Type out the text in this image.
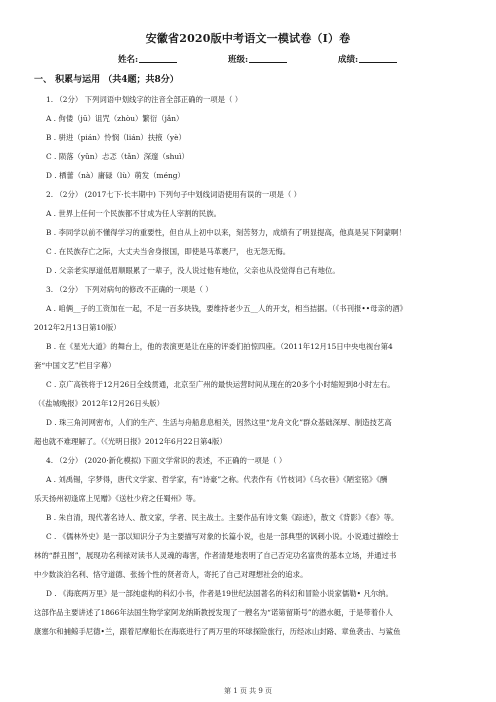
安徽省2020版中考语文一模试卷（I）卷
姓名:	班级:	成绩:
一、 积累与运用 （共4题；共8分）
1. （2分） 下列词语中划线字的注音全部正确的一项是（ ）
A . 佝偻（jū）诅咒（zhòu）繁衍（jǎn）
B . 骈进（pián）怜悯（lián）扶掖（yè）
C . 陨落（yǔn）忐忑（tǎn）深邃（shuì）
D . 栖蕾（nà）庸碌（lù）萌发（méng）
2. （2分） (2017七下·长丰期中) 下列句子中划线词语使用有误的一项是（ ）
A . 世界上任何一个民族都不甘成为任人宰割的民族。
B . 李同学以前不懂得学习的重要性，但自从上初中以来，刻苦努力，成绩有了明显提高，他真是吴下阿蒙啊！
C . 在民族存亡之际，大丈夫当舍身报国，即使是马革裹尸， 也无怨无悔。
D . 父亲老实厚道低眉顺眼累了一辈子，没人说过他有地位，父亲也从没觉得自己有地位。
3. （2分） 下列对病句的修改不正确的一项是（ ）
A . 咱俩__子的工资加在一起，不足一百多块钱，要维持老少五__人的开支，相当拮据。（《书刊报••母亲的酒》
2012年2月13日第10版）
B . 在《星光大道》的舞台上，他的表演更是让在座的评委们拍惊四座。（2011年12月15日中央电视台第4
套“中国文艺”栏目字幕）
C . 京广高铁将于12月26日全线贯通，北京至广州的最快运营时间从现在的20多个小时缩短到8小时左右。
（《盐城晚报》2012年12月26日头版）
D . 珠三角河网密布，人们的生产、生活与舟船息息相关，因然这里“龙舟文化”群众基础深厚、制造技艺高
超也就不难理解了。（《光明日报》2012年6月22日第4版）
4. （2分） (2020·新化模拟) 下面文学常识的表述，不正确的一项是（ ）
A . 刘禹锡，字梦得，唐代文学家、哲学家，有“诗豪”之称。代表作有《竹枝词》《乌衣巷》《陋室铭》《酬
乐天扬州初逢席上见赠》《送杜少府之任蜀州》等。
B . 朱自清，现代著名诗人、散文家，学者、民主战士。主要作品有诗文集《踪迹》，散文《背影》《春》等。
C . 《儒林外史》是一部以知识分子为主要描写对象的长篇小说，也是一部典型的讽刺小说。小说通过描绘士
林的“群丑图”，展现功名利禄对读书人灵魂的毒害，作者清楚地表明了自己否定功名富贵的基本立场，并通过书
中少数淡泊名利、恪守道德、张扬个性的贤者奇人，寄托了自己对理想社会的追求。
D . 《海底两万里》是一部纯虚构的科幻小书，作者是19世纪法国著名的科幻和冒险小说家儒勒• 凡尔纳。
这部作品主要讲述了1866年法国生物学家阿龙纳斯教授发现了一艘名为“诺第留斯号”的潜水艇，于是带着仆人
康塞尔和捕鲸手尼德•兰，跟着尼摩船长在海底进行了两万里的环球探险旅行，历经冰山封路、章鱼袭击、与鲨鱼
第 1 页 共 9 页
